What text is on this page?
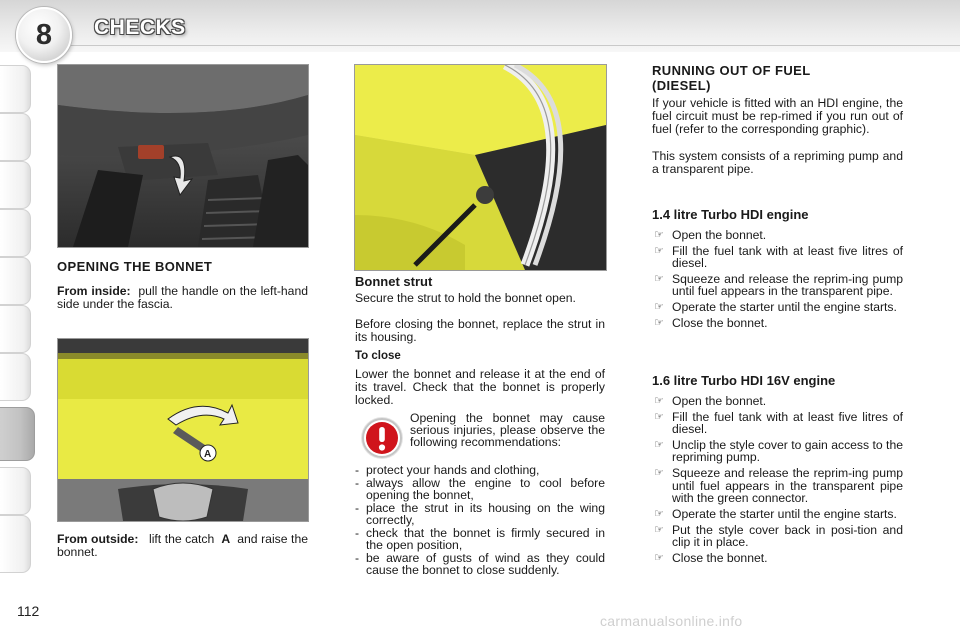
8	CHECKS
OPENING THE BONNET

From inside: pull the handle on the left-hand side under the fascia.

A

From outside: lift the catch A and raise the bonnet.

Bonnet strut

Secure the strut to hold the bonnet open.

Before closing the bonnet, replace the strut in its housing.

To close

Lower the bonnet and release it at the end of its travel. Check that the bonnet is properly locked.

Opening the bonnet may cause serious injuries, please observe the following recommendations:

- protect your hands and clothing,
- always allow the engine to cool before opening the bonnet,
- place the strut in its housing on the wing correctly,
- check that the bonnet is firmly secured in the open position,
- be aware of gusts of wind as they could cause the bonnet to close suddenly.
RUNNING OUT OF FUEL
(DIESEL)

If your vehicle is fitted with an HDI engine, the fuel circuit must be rep-rimed if you run out of fuel (refer to the corresponding graphic).

This system consists of a repriming pump and a transparent pipe.

1.4 litre Turbo HDI engine
☞ Open the bonnet.
☞ Fill the fuel tank with at least five litres of diesel.
☞ Squeeze and release the reprim-ing pump until fuel appears in the transparent pipe.
☞ Operate the starter until the engine starts.
☞ Close the bonnet.
1.6 litre Turbo HDI 16V engine
☞ Open the bonnet.
☞ Fill the fuel tank with at least five litres of diesel.
☞ Unclip the style cover to gain access to the repriming pump.
☞ Squeeze and release the reprim-ing pump until fuel appears in the transparent pipe with the green connector.
☞ Operate the starter until the engine starts.
☞ Put the style cover back in posi-tion and clip it in place.
☞ Close the bonnet.
112
carmanualsonline.info
